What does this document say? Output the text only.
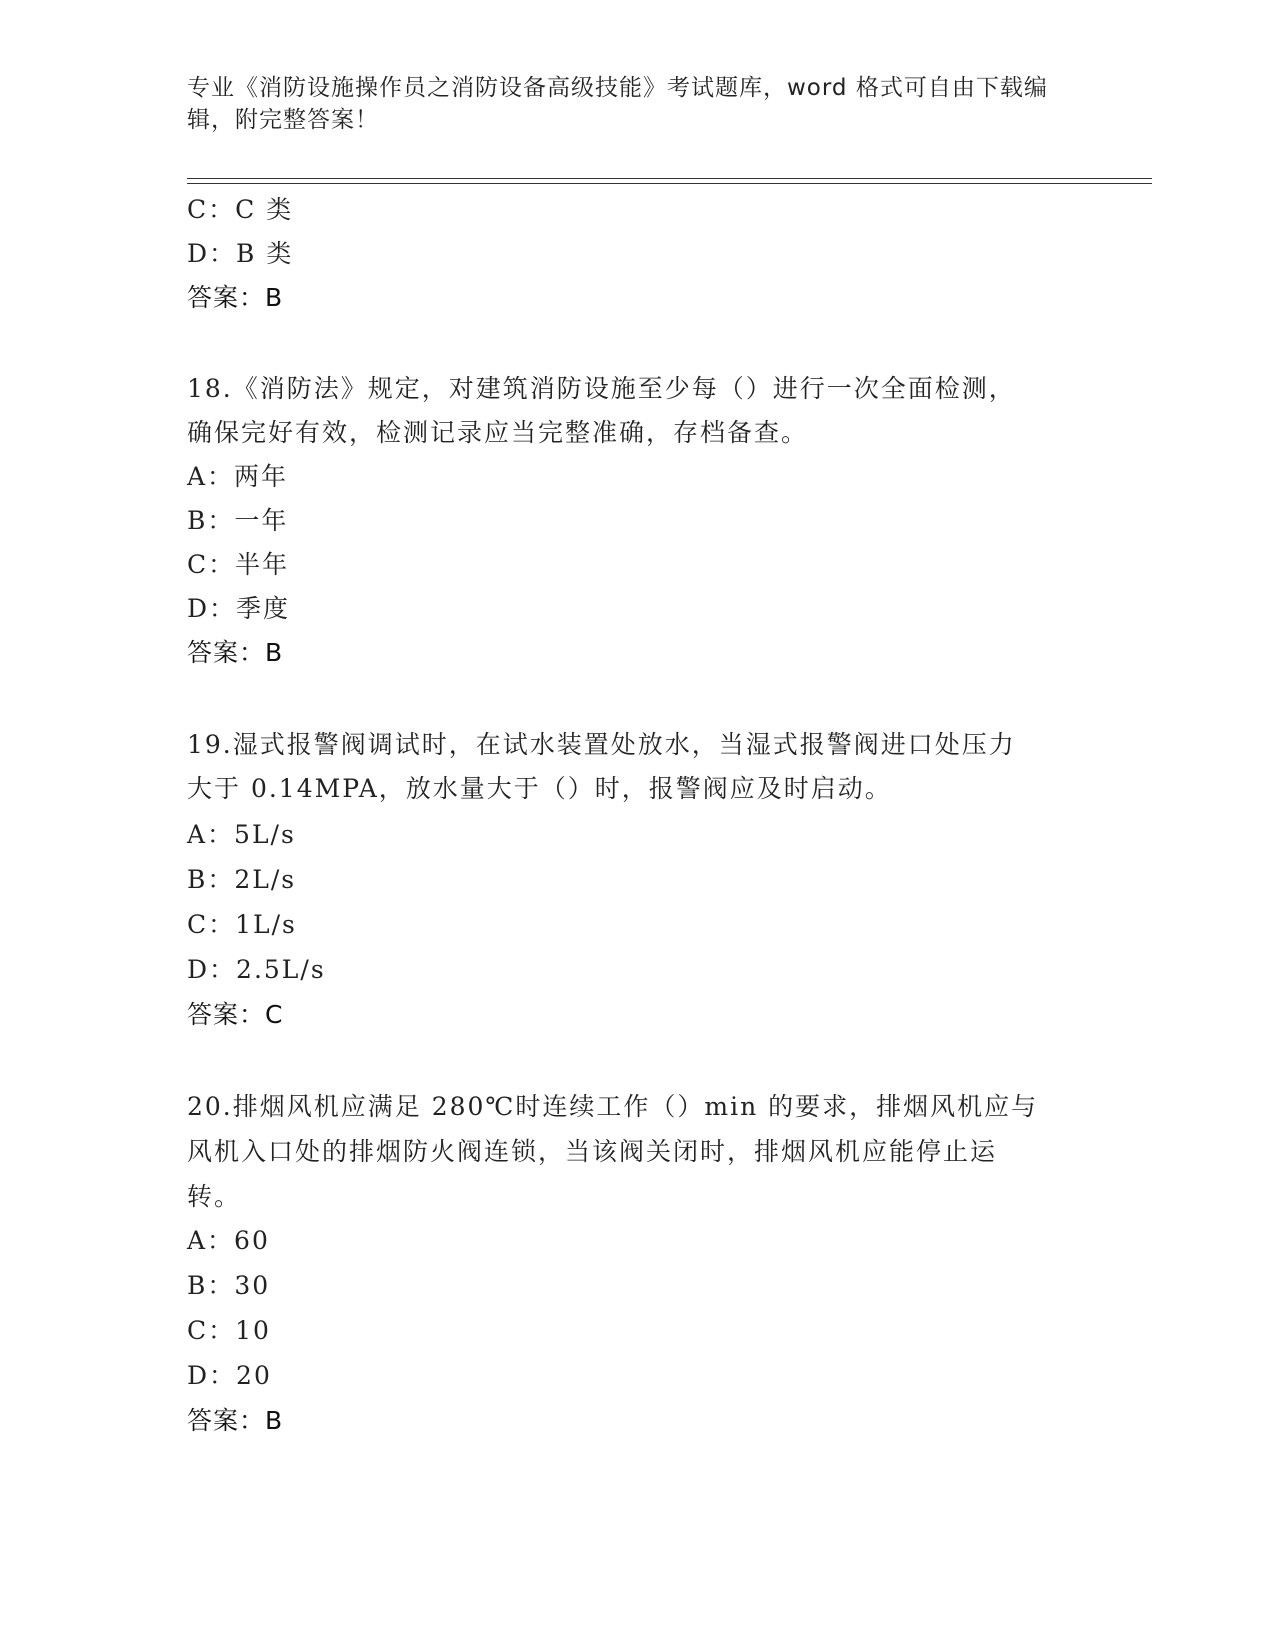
专业《消防设施操作员之消防设备高级技能》考试题库，word 格式可自由下载编
辑，附完整答案！
C：C 类
D：B 类
答案：B
18.《消防法》规定，对建筑消防设施至少每（）进行一次全面检测，
确保完好有效，检测记录应当完整准确，存档备查。
A：两年
B：一年
C：半年
D：季度
答案：B
19.湿式报警阀调试时，在试水装置处放水，当湿式报警阀进口处压力
大于 0.14MPA，放水量大于（）时，报警阀应及时启动。
A：5L/s
B：2L/s
C：1L/s
D：2.5L/s
答案：C
20.排烟风机应满足 280℃时连续工作（）min 的要求，排烟风机应与
风机入口处的排烟防火阀连锁，当该阀关闭时，排烟风机应能停止运
转。
A：60
B：30
C：10
D：20
答案：B
